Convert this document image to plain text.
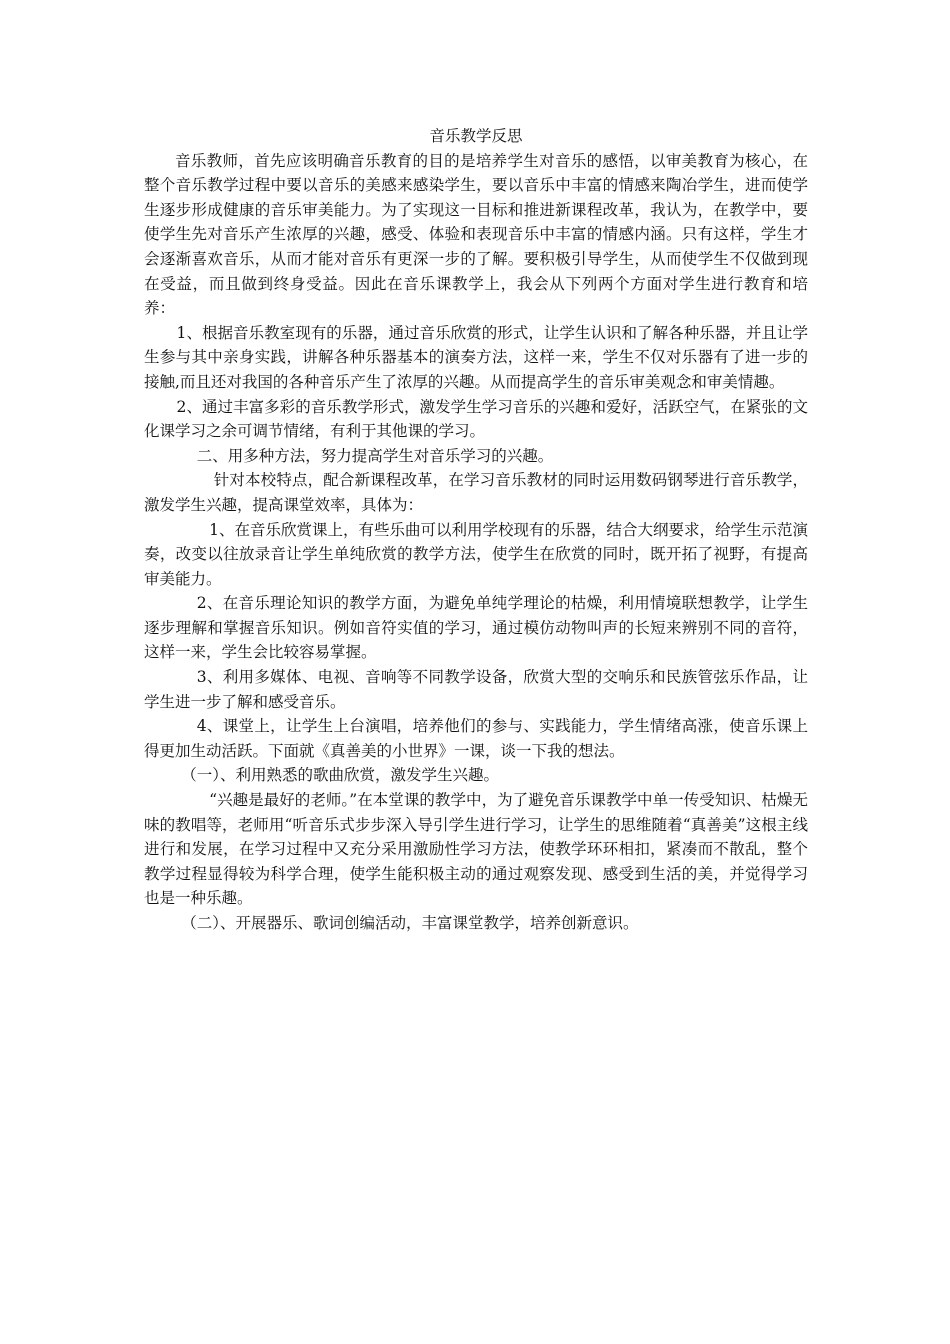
音乐教学反思

音乐教师，首先应该明确音乐教育的目的是培养学生对音乐的感悟，以审美教育为核心，在整个音乐教学过程中要以音乐的美感来感染学生，要以音乐中丰富的情感来陶冶学生，进而使学生逐步形成健康的音乐审美能力。为了实现这一目标和推进新课程改革，我认为，在教学中，要使学生先对音乐产生浓厚的兴趣，感受、体验和表现音乐中丰富的情感内涵。只有这样，学生才会逐渐喜欢音乐，从而才能对音乐有更深一步的了解。要积极引导学生，从而使学生不仅做到现在受益，而且做到终身受益。因此在音乐课教学上，我会从下列两个方面对学生进行教育和培养：

1、根据音乐教室现有的乐器，通过音乐欣赏的形式，让学生认识和了解各种乐器，并且让学生参与其中亲身实践，讲解各种乐器基本的演奏方法，这样一来，学生不仅对乐器有了进一步的接触,而且还对我国的各种音乐产生了浓厚的兴趣。从而提高学生的音乐审美观念和审美情趣。

2、通过丰富多彩的音乐教学形式，激发学生学习音乐的兴趣和爱好，活跃空气，在紧张的文化课学习之余可调节情绪，有利于其他课的学习。

二、用多种方法，努力提高学生对音乐学习的兴趣。

针对本校特点，配合新课程改革，在学习音乐教材的同时运用数码钢琴进行音乐教学，激发学生兴趣，提高课堂效率，具体为：

1、在音乐欣赏课上，有些乐曲可以利用学校现有的乐器，结合大纲要求，给学生示范演奏，改变以往放录音让学生单纯欣赏的教学方法，使学生在欣赏的同时，既开拓了视野，有提高审美能力。

2、在音乐理论知识的教学方面，为避免单纯学理论的枯燥，利用情境联想教学，让学生逐步理解和掌握音乐知识。例如音符实值的学习，通过模仿动物叫声的长短来辨别不同的音符，这样一来，学生会比较容易掌握。

3、利用多媒体、电视、音响等不同教学设备，欣赏大型的交响乐和民族管弦乐作品，让学生进一步了解和感受音乐。

4、课堂上，让学生上台演唱，培养他们的参与、实践能力，学生情绪高涨，使音乐课上得更加生动活跃。下面就《真善美的小世界》一课，谈一下我的想法。

（一）、利用熟悉的歌曲欣赏，激发学生兴趣。

“兴趣是最好的老师。”在本堂课的教学中，为了避免音乐课教学中单一传受知识、枯燥无味的教唱等，老师用“听音乐式步步深入导引学生进行学习，让学生的思维随着“真善美”这根主线进行和发展，在学习过程中又充分采用激励性学习方法，使教学环环相扣，紧凑而不散乱，整个教学过程显得较为科学合理，使学生能积极主动的通过观察发现、感受到生活的美，并觉得学习也是一种乐趣。

（二）、开展器乐、歌词创编活动，丰富课堂教学，培养创新意识。
